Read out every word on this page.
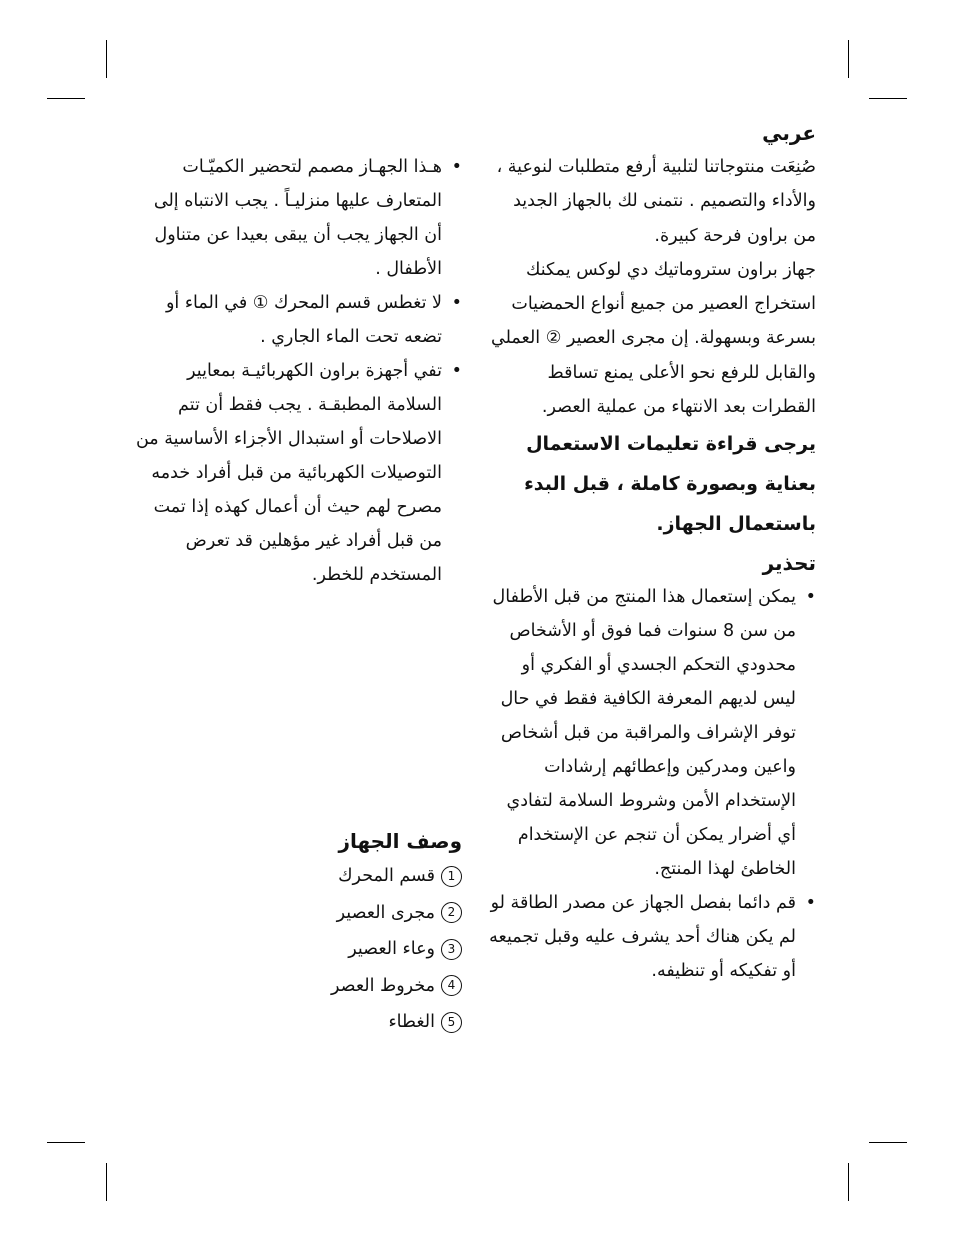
عربي

صُنِعَت منتوجاتنا لتلبية أرفع متطلبات لنوعية ، والأداء والتصميم . نتمنى لك بالجهاز الجديد من براون فرحة كبيرة.

جهاز براون ستروماتيك دي لوكس يمكنك استخراج العصير من جميع أنواع الحمضيات بسرعة وبسهولة. إن مجرى العصير ② العملي والقابل للرفع نحو الأعلى يمنع تساقط القطرات بعد الانتهاء من عملية العصر.

يرجى قراءة تعليمات الاستعمال بعناية وبصورة كاملة ، قبل البدء باستعمال الجهاز.

تحذير

•
يمكن إستعمال هذا المنتج من قبل الأطفال من سن 8 سنوات فما فوق أو الأشخاص محدودي التحكم الجسدي أو الفكري أو ليس لديهم المعرفة الكافية فقط في حال توفر الإشراف والمراقبة من قبل أشخاص واعين ومدركين وإعطائهم إرشادات الإستخدام الأمن وشروط السلامة لتفادي أي أضرار يمكن أن تنجم عن الإستخدام الخاطئ لهذا المنتج.
•
قم دائما بفصل الجهاز عن مصدر الطاقة لو لم يكن هناك أحد يشرف عليه وقبل تجميعه أو تفكيكه أو تنظيفه.
•
هـذا الجهـاز مصمم لتحضير الكميّـات المتعارف عليها منزليـاً . يجب الانتباه إلى أن الجهاز يجب أن يبقى بعيدا عن متناول الأطفال .
•
لا تغطس قسم المحرك ① في الماء أو تضعه تحت الماء الجاري .
•
تفي أجهزة براون الكهربائيـة بمعايير السلامة المطبقـة . يجب فقط أن تتم الاصلاحات أو استبدال الأجزاء الأساسية من التوصيلات الكهربائية من قبل أفراد خدمه مصرح لهم حيث أن أعمال كهذه إذا تمت من قبل أفراد غير مؤهلين قد تعرض المستخدم للخطر.

وصف الجهاز

1قسم المحرك
2مجرى العصير
3وعاء العصير
4مخروط العصر
5الغطاء
